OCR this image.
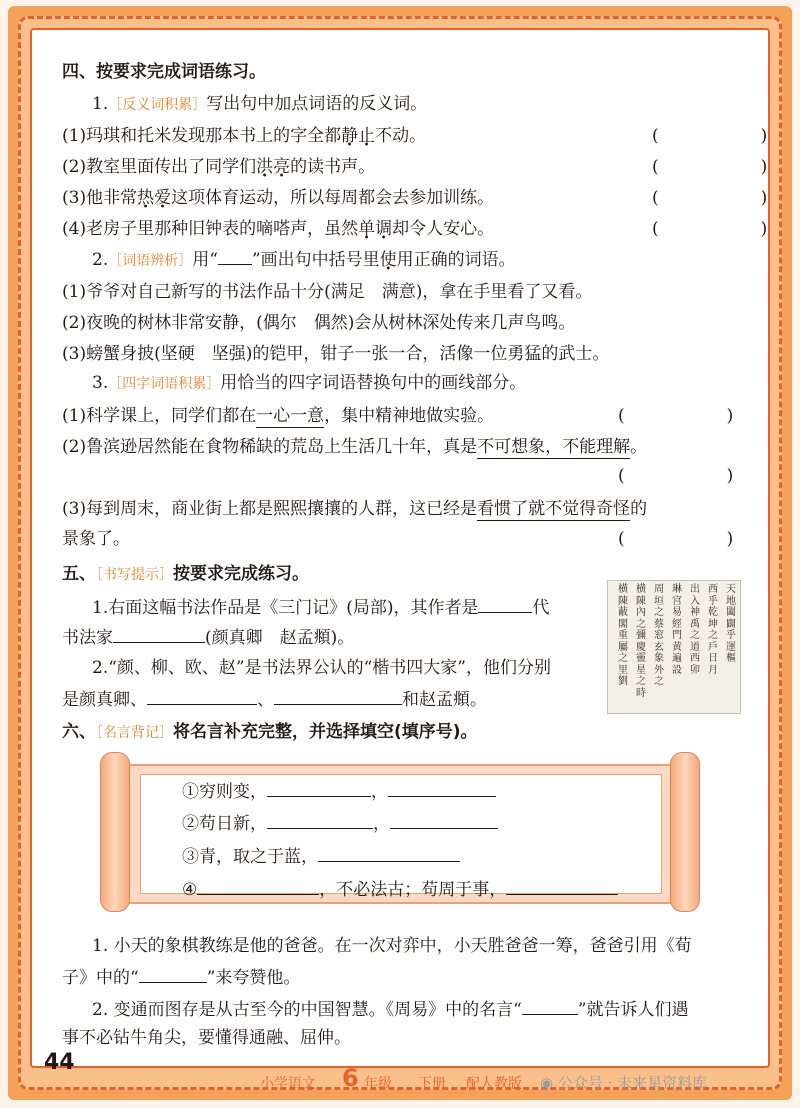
四、按要求完成词语练习。
1.［反义词积累］写出句中加点词语的反义词。
(1)玛琪和托米发现那本书上的字全都静止不动。	(　　　　　　)
(2)教室里面传出了同学们洪亮的读书声。	(　　　　　　)
(3)他非常热爱这项体育运动，所以每周都会去参加训练。	(　　　　　　)
(4)老房子里那种旧钟表的嘀嗒声，虽然单调却令人安心。	(　　　　　　)
2.［词语辨析］用“ ”画出句中括号里使用正确的词语。
(1)爷爷对自己新写的书法作品十分(满足　满意)，拿在手里看了又看。
(2)夜晚的树林非常安静，(偶尔　偶然)会从树林深处传来几声鸟鸣。
(3)螃蟹身披(坚硬　坚强)的铠甲，钳子一张一合，活像一位勇猛的武士。
3.［四字词语积累］用恰当的四字词语替换句中的画线部分。
(1)科学课上，同学们都在一心一意，集中精神地做实验。	(　　　　　　)
(2)鲁滨逊居然能在食物稀缺的荒岛上生活几十年，真是不可想象，不能理解。
(　　　　　　)
(3)每到周末，商业街上都是熙熙攘攘的人群，这已经是看惯了就不觉得奇怪的
景象了。	(　　　　　　)
五、［书写提示］按要求完成练习。
1.右面这幅书法作品是《三门记》(局部)，其作者是	代
书法家	(颜真卿　赵孟頫)。
2.“颜、柳、欧、赵”是书法界公认的“楷书四大家”，他们分别
是颜真卿、	、	和赵孟頫。
天地闔闢乎運樞
西乎乾坤之戶日月
出入神禹之道西卯
琳宫易經門黄遍設
周垣之蔡窓玄象外之
横陳內之彌慶靈星之時
横陳蔽閣重屬之里劉
六、［名言背记］将名言补充完整，并选择填空(填序号)。
①穷则变，	，
②苟日新，	，
③青，取之于蓝，
④	，不必法古；苟周于事，
1. 小天的象棋教练是他的爸爸。在一次对弈中，小天胜爸爸一筹，爸爸引用《荀
子》中的“	”来夸赞他。
2. 变通而图存是从古至今的中国智慧。《周易》中的名言“	”就告诉人们遇
事不必钻牛角尖，要懂得通融、屈伸。
44
小学语文 6 年级 下册 配人教版 ◉ 公众号 · 未来星资料库
